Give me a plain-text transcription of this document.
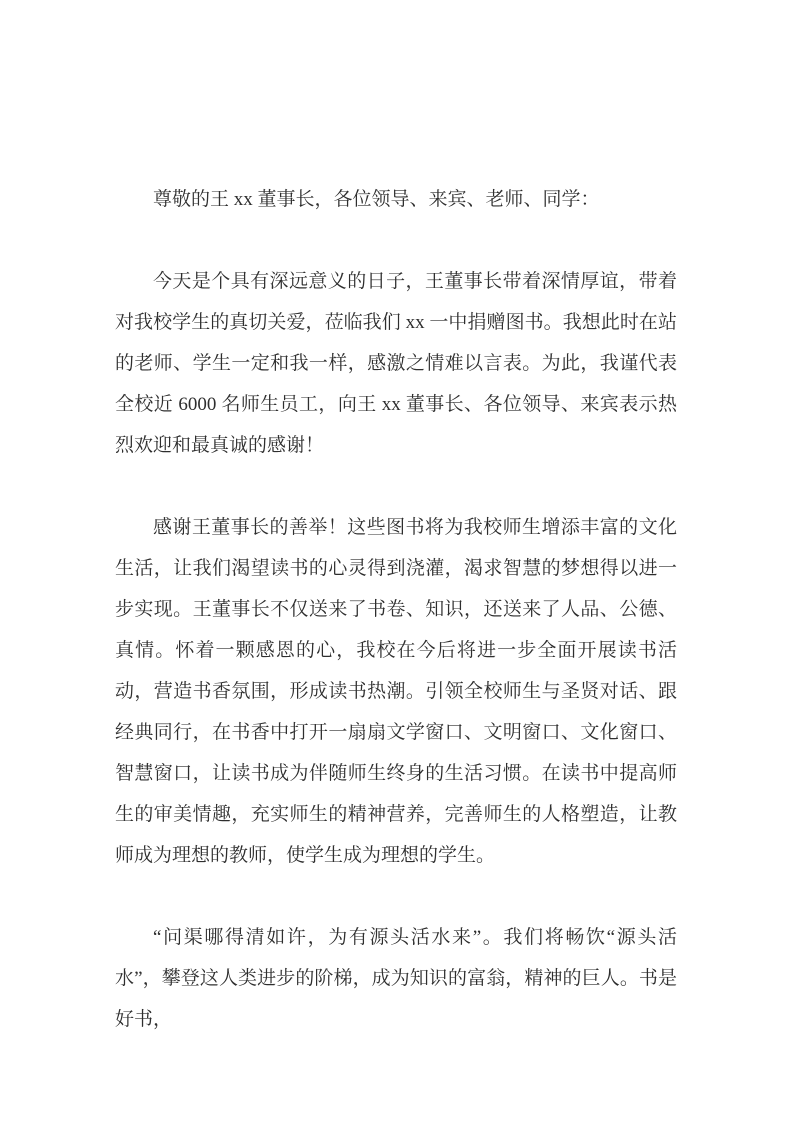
尊敬的王 xx 董事长，各位领导、来宾、老师、同学：

今天是个具有深远意义的日子，王董事长带着深情厚谊，带着对我校学生的真切关爱，莅临我们 xx 一中捐赠图书。我想此时在站的老师、学生一定和我一样，感激之情难以言表。为此，我谨代表全校近 6000 名师生员工，向王 xx 董事长、各位领导、来宾表示热烈欢迎和最真诚的感谢！

感谢王董事长的善举！这些图书将为我校师生增添丰富的文化生活，让我们渴望读书的心灵得到浇灌，渴求智慧的梦想得以进一步实现。王董事长不仅送来了书卷、知识，还送来了人品、公德、真情。怀着一颗感恩的心，我校在今后将进一步全面开展读书活动，营造书香氛围，形成读书热潮。引领全校师生与圣贤对话、跟经典同行，在书香中打开一扇扇文学窗口、文明窗口、文化窗口、智慧窗口，让读书成为伴随师生终身的生活习惯。在读书中提高师生的审美情趣，充实师生的精神营养，完善师生的人格塑造，让教师成为理想的教师，使学生成为理想的学生。

“问渠哪得清如许，为有源头活水来”。我们将畅饮“源头活水”，攀登这人类进步的阶梯，成为知识的富翁，精神的巨人。书是好书，
